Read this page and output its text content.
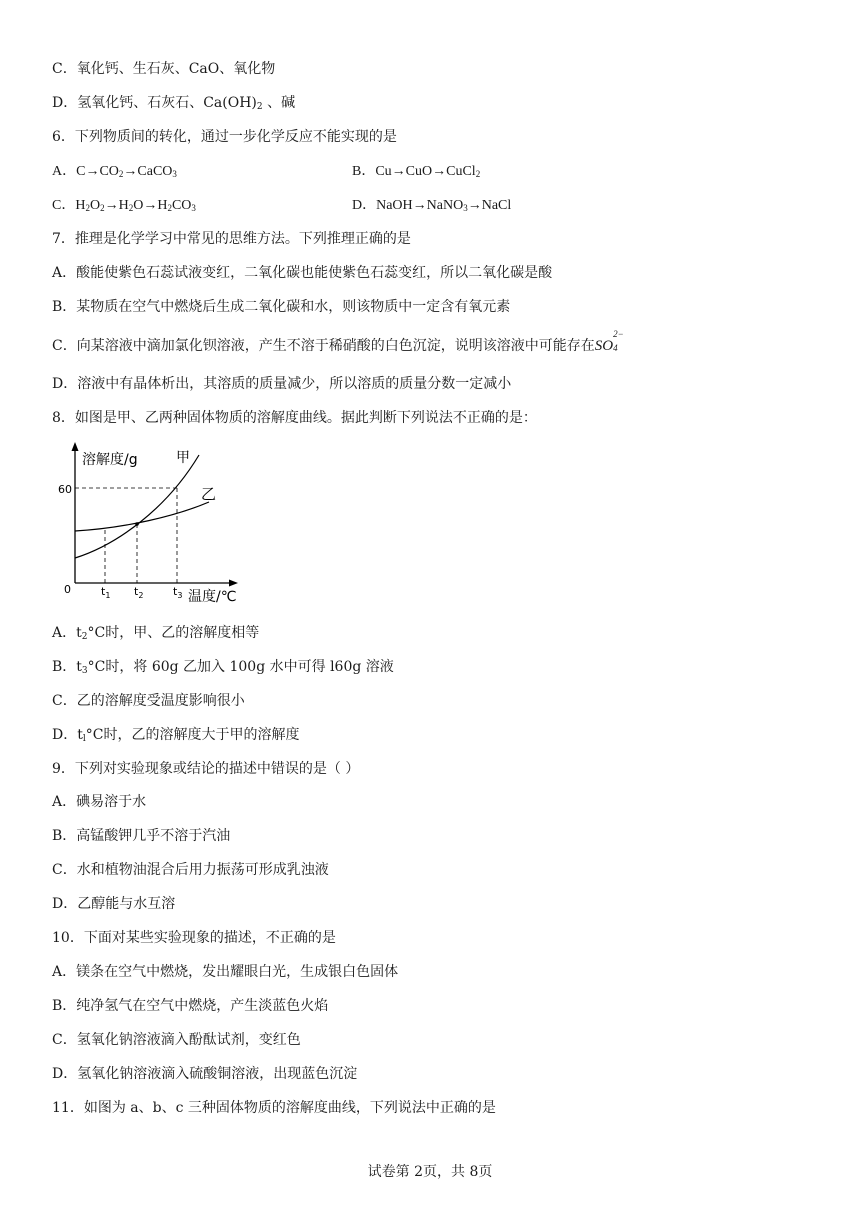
C．氧化钙、生石灰、CaO、氧化物
D．氢氧化钙、石灰石、$Ca(OH)_2$ 、碱
6．下列物质间的转化，通过一步化学反应不能实现的是
A．$C\to CO_2\to CaCO_3$	B．Cu→CuO→CuCl$_2$
C．$H_2O_2\to H_2O\to H_2CO_3$	D．NaOH→NaNO$_3$→NaCl
7．推理是化学学习中常见的思维方法。下列推理正确的是
A．酸能使紫色石蕊试液变红，二氧化碳也能使紫色石蕊变红，所以二氧化碳是酸
B．某物质在空气中燃烧后生成二氧化碳和水，则该物质中一定含有氧元素
C．向某溶液中滴加氯化钡溶液，产生不溶于稀硝酸的白色沉淀，说明该溶液中可能存在SO
2−
4
D．溶液中有晶体析出，其溶质的质量减少，所以溶质的质量分数一定减小
8．如图是甲、乙两种固体物质的溶解度曲线。据此判断下列说法不正确的是：
溶解度/g	甲
乙
60
0	$t_1$ $t_2$	$t_3$ 温度/℃
A．$t_2^\circ C$时，甲、乙的溶解度相等
B．$t_3^\circ C$时，将 60g 乙加入 100g 水中可得 l60g 溶液
C．乙的溶解度受温度影响很小
D．$t_l^\circ C$时，乙的溶解度大于甲的溶解度
9．下列对实验现象或结论的描述中错误的是（ ）
A．碘易溶于水
B．高锰酸钾几乎不溶于汽油
C．水和植物油混合后用力振荡可形成乳浊液
D．乙醇能与水互溶
10．下面对某些实验现象的描述，不正确的是
A．镁条在空气中燃烧，发出耀眼白光，生成银白色固体
B．纯净氢气在空气中燃烧，产生淡蓝色火焰
C．氢氧化钠溶液滴入酚酞试剂，变红色
D．氢氧化钠溶液滴入硫酸铜溶液，出现蓝色沉淀
11．如图为 a、b、c 三种固体物质的溶解度曲线，下列说法中正确的是
试卷第 2页，共 8页
